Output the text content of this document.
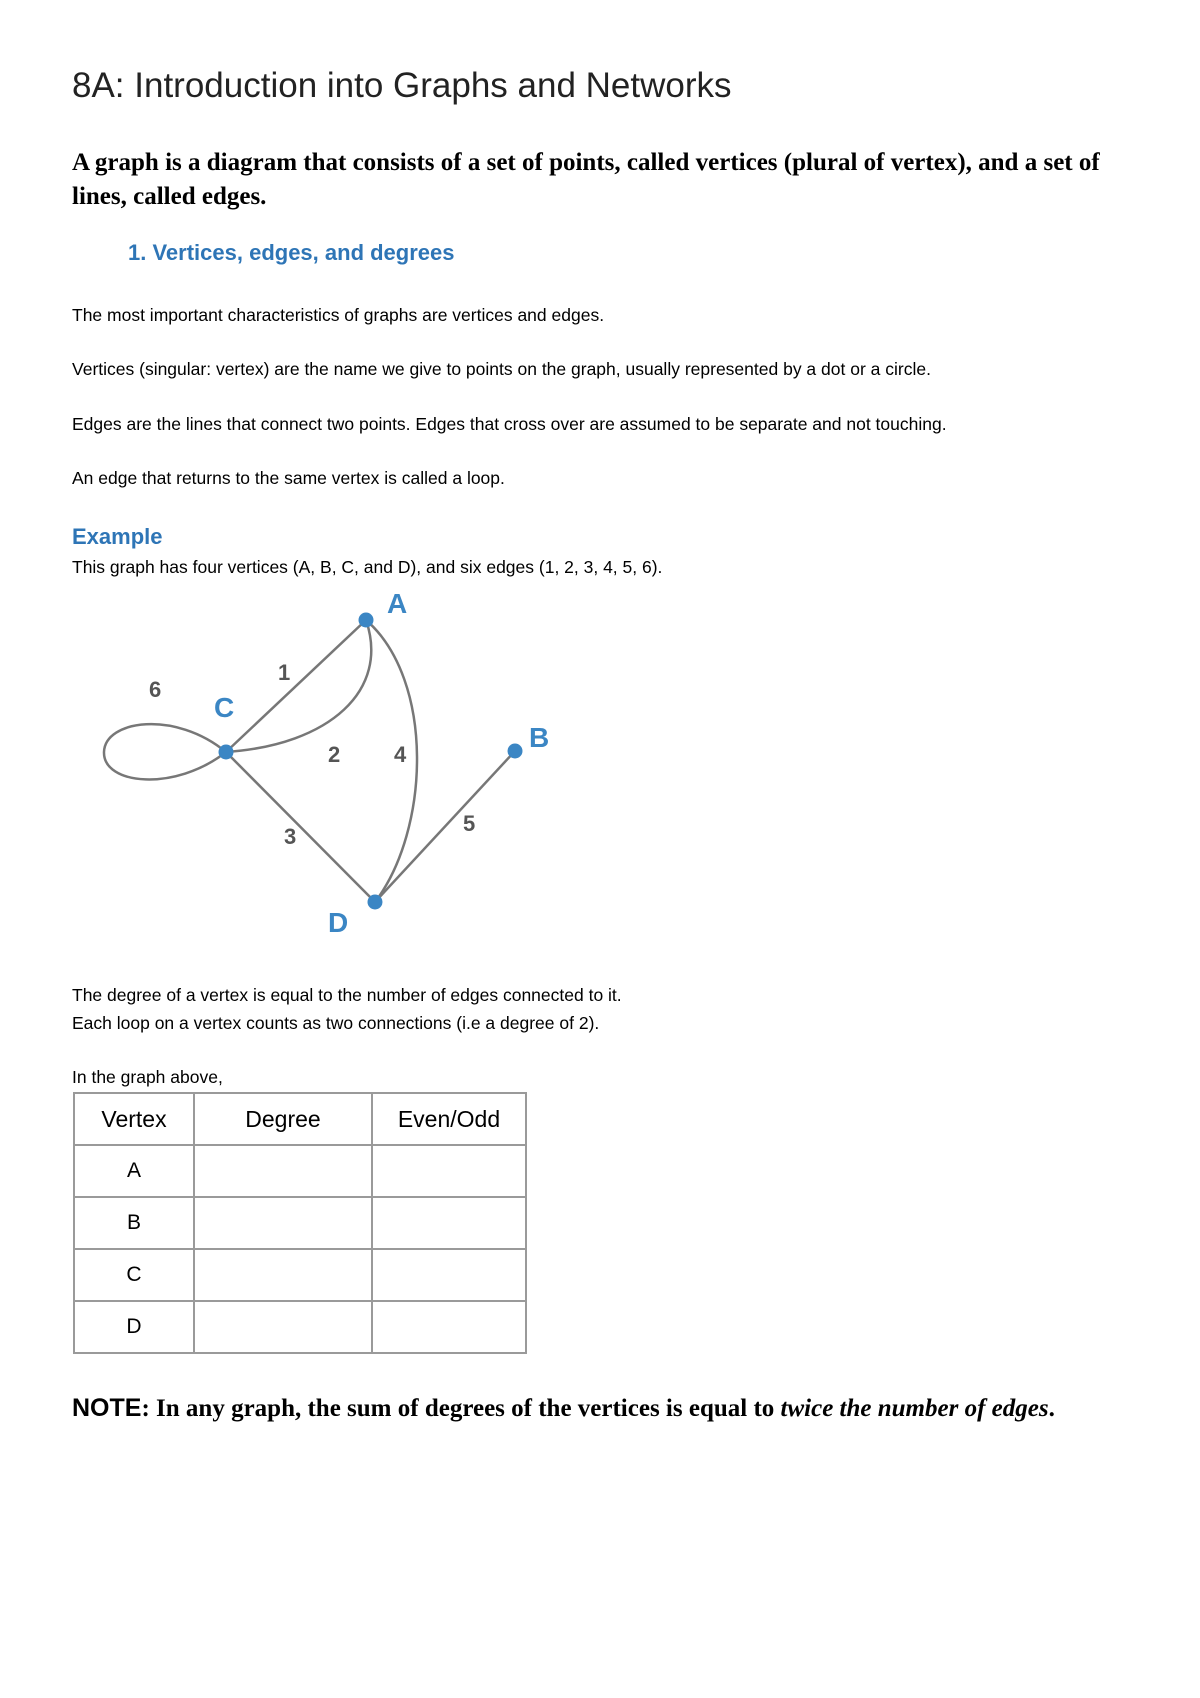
8A: Introduction into Graphs and Networks

A graph is a diagram that consists of a set of points, called vertices (plural of vertex), and a set of lines, called edges.

1. Vertices, edges, and degrees

The most important characteristics of graphs are vertices and edges.

Vertices (singular: vertex) are the name we give to points on the graph, usually represented by a dot or a circle.

Edges are the lines that connect two points. Edges that cross over are assumed to be separate and not touching.

An edge that returns to the same vertex is called a loop.

Example

This graph has four vertices (A, B, C, and D), and six edges (1, 2, 3, 4, 5, 6).

A
B
C
D
1
2
3
4
5
6

The degree of a vertex is equal to the number of edges connected to it.

Each loop on a vertex counts as two connections (i.e a degree of 2).

In the graph above,

Vertex	Degree	Even/Odd
A		
B		
C		
D		

NOTE: In any graph, the sum of degrees of the vertices is equal to twice the number of edges.
